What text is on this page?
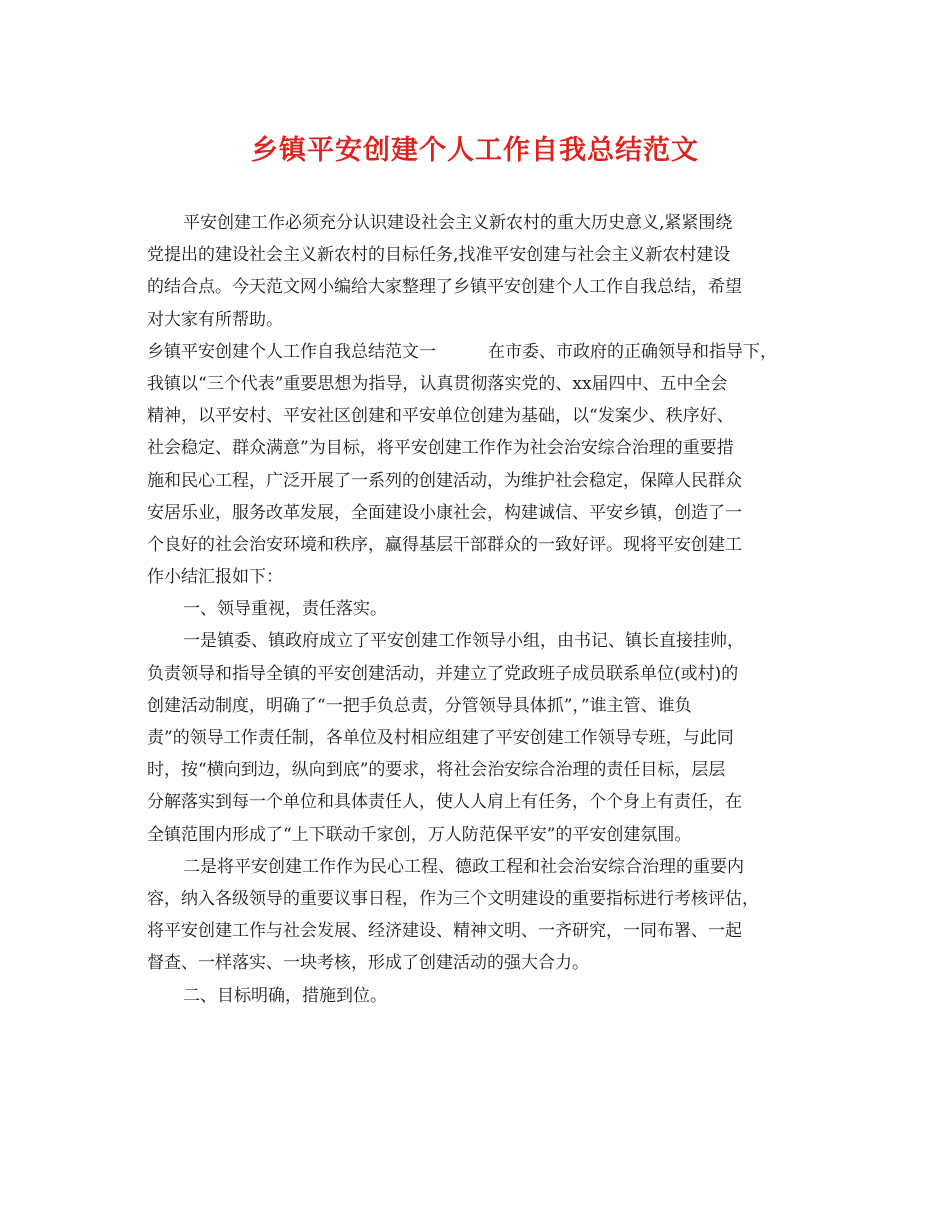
乡镇平安创建个人工作自我总结范文
平安创建工作必须充分认识建设社会主义新农村的重大历史意义,紧紧围绕
党提出的建设社会主义新农村的目标任务,找准平安创建与社会主义新农村建设
的结合点。今天范文网小编给大家整理了乡镇平安创建个人工作自我总结，希望
对大家有所帮助。
乡镇平安创建个人工作自我总结范文一	在市委、市政府的正确领导和指导下，
我镇以“三个代表”重要思想为指导，认真贯彻落实党的、xx届四中、五中全会
精神，以平安村、平安社区创建和平安单位创建为基础，以“发案少、秩序好、
社会稳定、群众满意”为目标，将平安创建工作作为社会治安综合治理的重要措
施和民心工程，广泛开展了一系列的创建活动，为维护社会稳定，保障人民群众
安居乐业，服务改革发展，全面建设小康社会，构建诚信、平安乡镇，创造了一
个良好的社会治安环境和秩序，赢得基层干部群众的一致好评。现将平安创建工
作小结汇报如下：
一、领导重视，责任落实。
一是镇委、镇政府成立了平安创建工作领导小组，由书记、镇长直接挂帅，
负责领导和指导全镇的平安创建活动，并建立了党政班子成员联系单位(或村)的
创建活动制度，明确了“一把手负总责，分管领导具体抓”，”谁主管、谁负
责”的领导工作责任制，各单位及村相应组建了平安创建工作领导专班，与此同
时，按“横向到边，纵向到底”的要求，将社会治安综合治理的责任目标，层层
分解落实到每一个单位和具体责任人，使人人肩上有任务，个个身上有责任，在
全镇范围内形成了“上下联动千家创，万人防范保平安”的平安创建氛围。
二是将平安创建工作作为民心工程、德政工程和社会治安综合治理的重要内
容，纳入各级领导的重要议事日程，作为三个文明建设的重要指标进行考核评估，
将平安创建工作与社会发展、经济建设、精神文明、一齐研究，一同布署、一起
督查、一样落实、一块考核，形成了创建活动的强大合力。
二、目标明确，措施到位。
